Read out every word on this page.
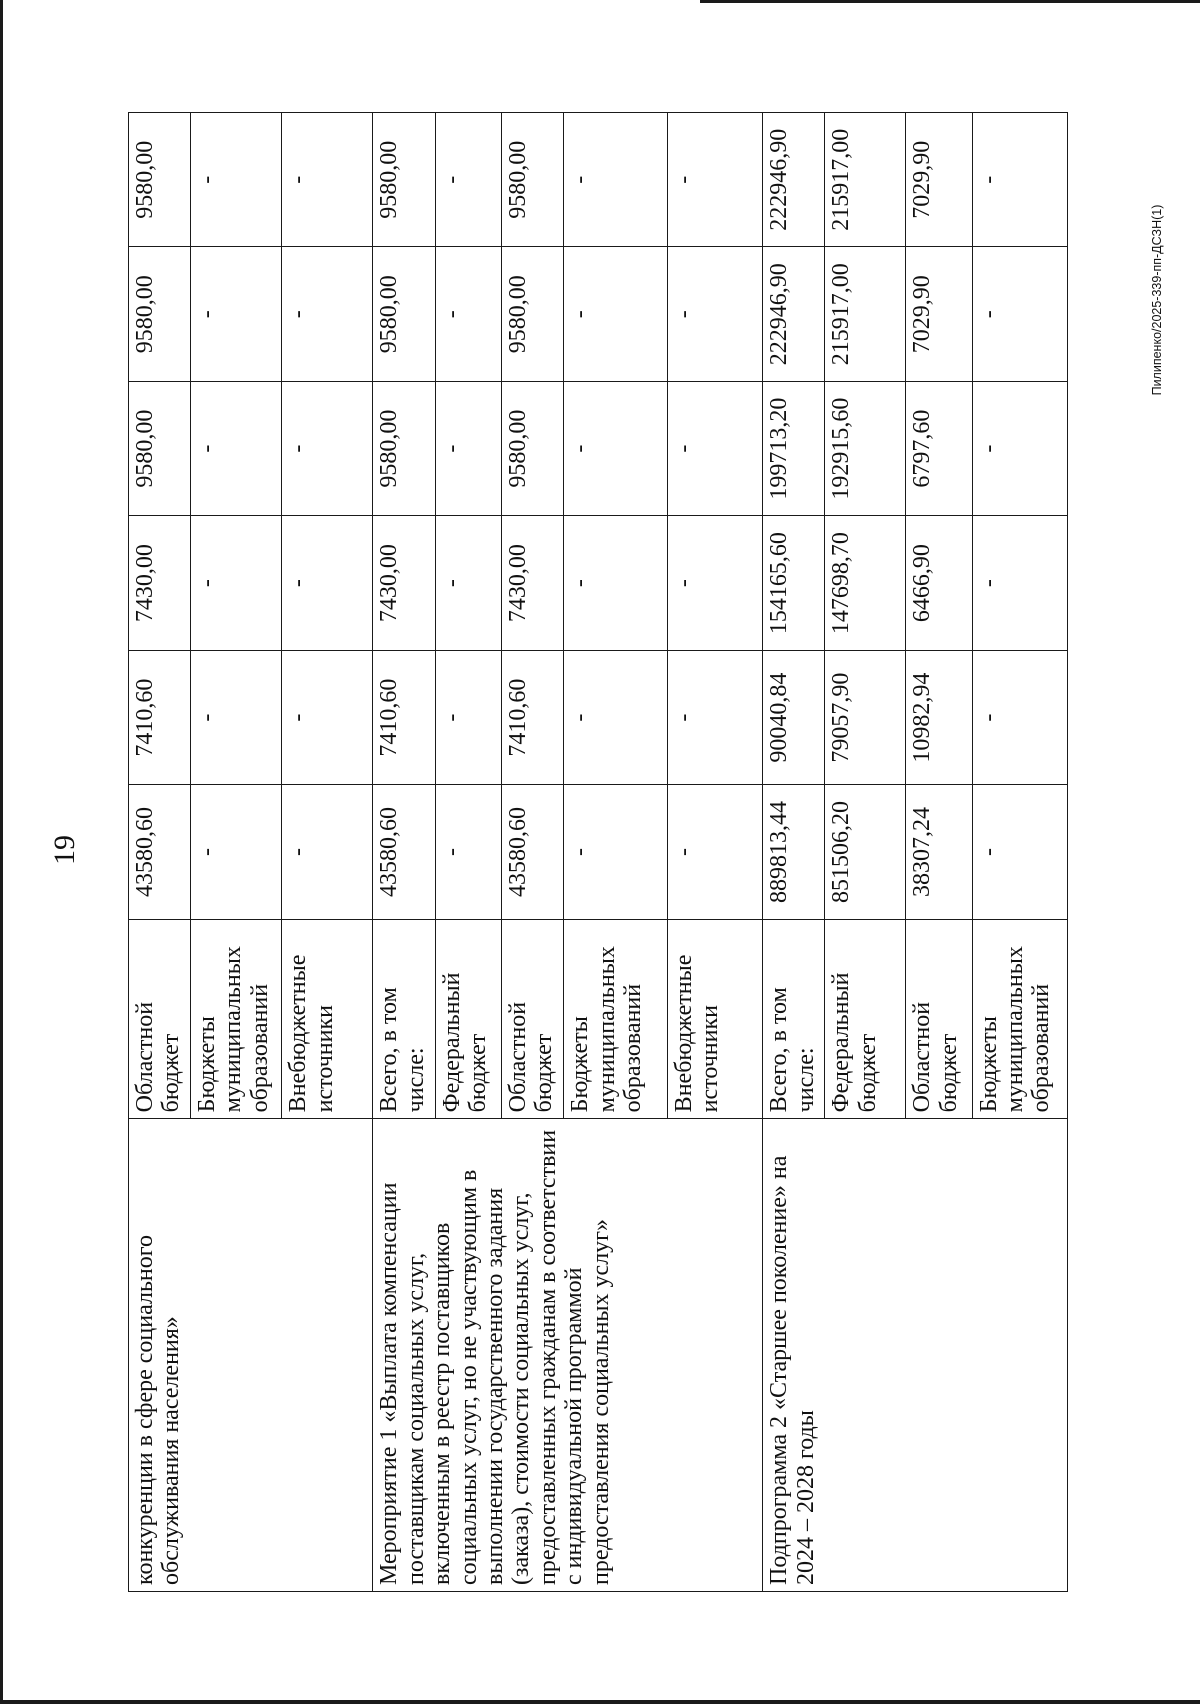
19
Пилипенко/2025-339-пп-ДСЗН(1)
конкуренции в сфере социального обслуживания населения»	Областной бюджет	43580,60	7410,60	7430,00	9580,00	9580,00	9580,00
	Бюджеты муниципальных образований	-	-	-	-	-	-
	Внебюджетные источники	-	-	-	-	-	-
Мероприятие 1 «Выплата компенсации поставщикам социальных услуг, включенным в реестр поставщиков социальных услуг, но не участвующим в выполнении государственного задания (заказа), стоимости социальных услуг, предоставленных гражданам в соответствии с индивидуальной программой предоставления социальных услуг»	Всего, в том числе:	43580,60	7410,60	7430,00	9580,00	9580,00	9580,00
	Федеральный бюджет	-	-	-	-	-	-
	Областной бюджет	43580,60	7410,60	7430,00	9580,00	9580,00	9580,00
	Бюджеты муниципальных образований	-	-	-	-	-	-
	Внебюджетные источники	-	-	-	-	-	-
Подпрограмма 2 «Старшее поколение» на 2024 – 2028 годы	Всего, в том числе:	889813,44	90040,84	154165,60	199713,20	222946,90	222946,90
	Федеральный бюджет	851506,20	79057,90	147698,70	192915,60	215917,00	215917,00
	Областной бюджет	38307,24	10982,94	6466,90	6797,60	7029,90	7029,90
	Бюджеты муниципальных образований	-	-	-	-	-	-
